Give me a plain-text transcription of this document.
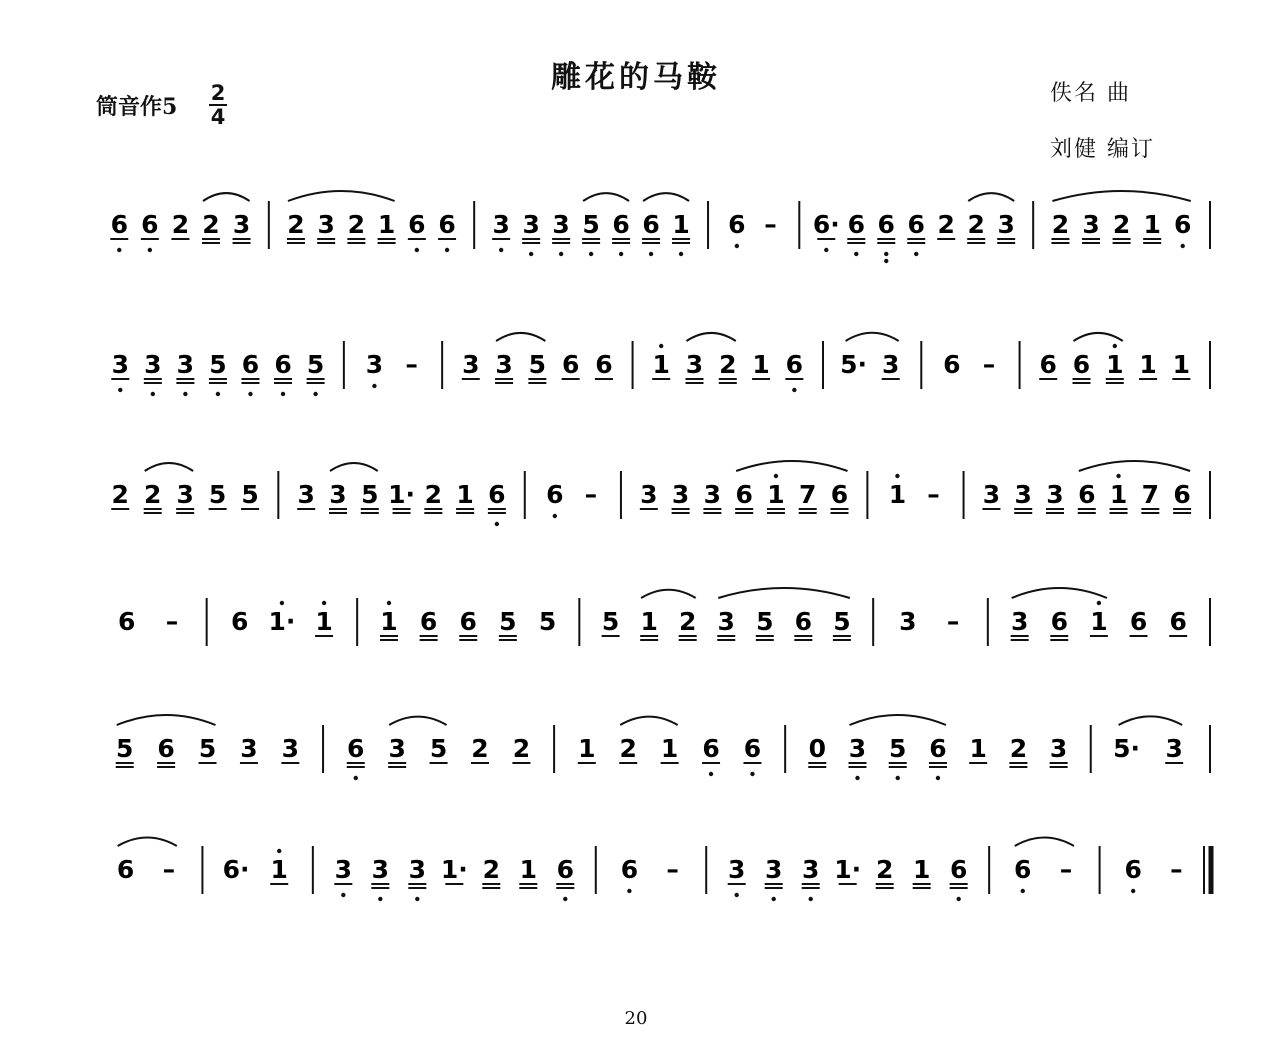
雕花的马鞍
筒音作5
2
4
佚名 曲
刘健 编订
6 6 2 2 3 2 3 2 1 6 6 3 3 3 5 6 6 1 6 – 6· 6 6 6 2 2 3 2 3 2 1 6
3 3 3 5 6 6 5 3 – 3 3 5 6 6 1 3 2 1 6 5· 3 6 – 6 6 1 1 1
2 2 3 5 5 3 3 5 1· 2 1 6 6 – 3 3 3 6 1 7 6 1 – 3 3 3 6 1 7 6
6 – 6 1· 1 1 6 6 5 5 5 1 2 3 5 6 5 3 – 3 6 1 6 6
5 6 5 3 3 6 3 5 2 2 1 2 1 6 6 0 3 5 6 1 2 3 5· 3
6 – 6· 1 3 3 3 1· 2 1 6 6 – 3 3 3 1· 2 1 6 6 – 6 –
20
